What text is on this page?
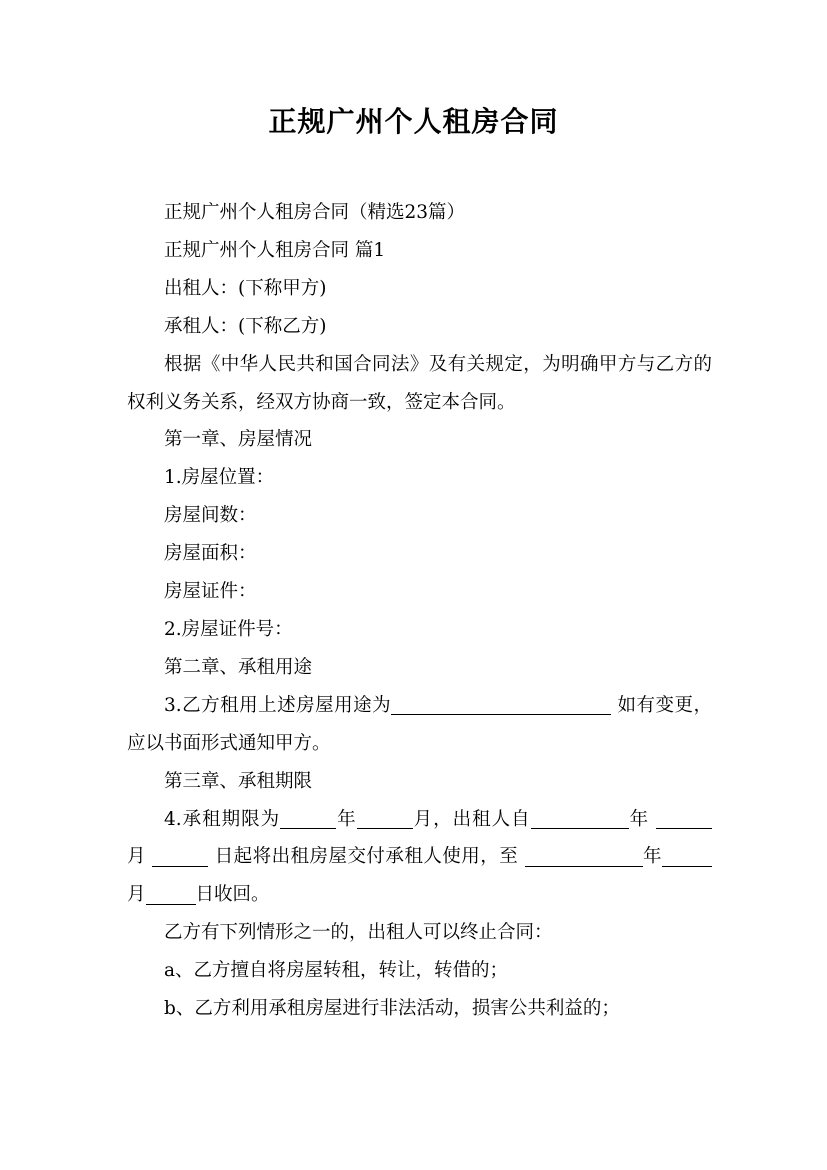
正规广州个人租房合同

正规广州个人租房合同（精选23篇）

正规广州个人租房合同 篇1

出租人：(下称甲方)

承租人：(下称乙方)

根据《中华人民共和国合同法》及有关规定，为明确甲方与乙方的权利义务关系，经双方协商一致，签定本合同。

第一章、房屋情况

1.房屋位置：

房屋间数：

房屋面积：

房屋证件：

2.房屋证件号：

第二章、承租用途

3.乙方租用上述房屋用途为	如有变更，应以书面形式通知甲方。

第三章、承租期限

4.承租期限为	年	月，出租人自	年  月	日起将出租房屋交付承租人使用，至	年月	日收回。

乙方有下列情形之一的，出租人可以终止合同：

a、乙方擅自将房屋转租，转让，转借的；

b、乙方利用承租房屋进行非法活动，损害公共利益的；
